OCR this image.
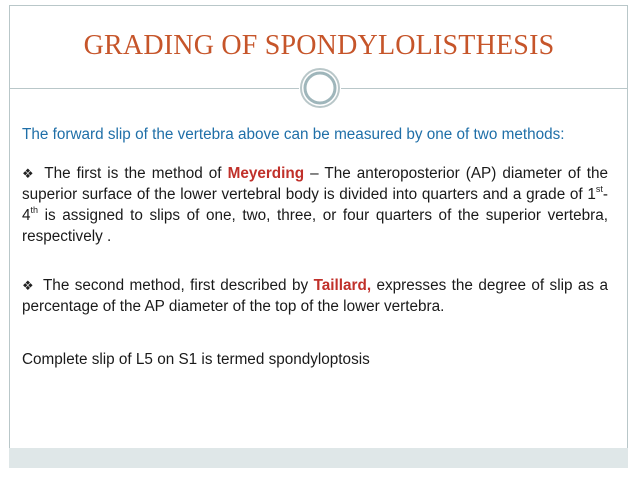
GRADING OF SPONDYLOLISTHESIS

The forward slip of the vertebra above can be measured by one of two methods:

❖ The first is the method of Meyerding – The anteroposterior (AP) diameter of the superior surface of the lower vertebral body is divided into quarters and a grade of 1st- 4th is assigned to slips of one, two, three, or four quarters of the superior vertebra, respectively .

❖ The second method, first described by Taillard, expresses the degree of slip as a percentage of the AP diameter of the top of the lower vertebra.

Complete slip of L5 on S1 is termed spondyloptosis
